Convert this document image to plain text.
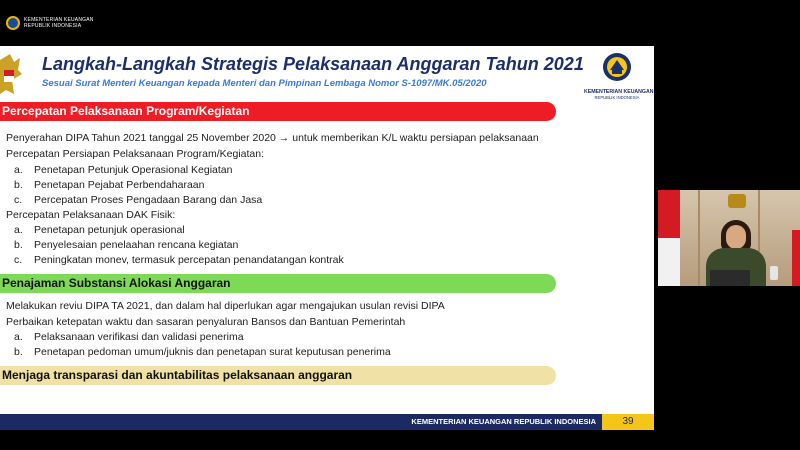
KEMENTERIAN KEUANGAN
REPUBLIK INDONESIA
Langkah-Langkah Strategis Pelaksanaan Anggaran Tahun 2021
Sesuai Surat Menteri Keuangan kepada Menteri dan Pimpinan Lembaga Nomor S-1097/MK.05/2020
KEMENTERIAN KEUANGAN
REPUBLIK INDONESIA
Percepatan Pelaksanaan Program/Kegiatan
Penyerahan DIPA Tahun 2021 tanggal 25 November 2020 → untuk memberikan K/L waktu persiapan pelaksanaan
Percepatan Persiapan Pelaksanaan Program/Kegiatan:
a. Penetapan Petunjuk Operasional Kegiatan
b. Penetapan Pejabat Perbendaharaan
c. Percepatan Proses Pengadaan Barang dan Jasa
Percepatan Pelaksanaan DAK Fisik:
a. Penetapan petunjuk operasional
b. Penyelesaian penelaahan rencana kegiatan
c. Peningkatan monev, termasuk percepatan penandatangan kontrak
Penajaman Substansi Alokasi Anggaran
Melakukan reviu DIPA TA 2021, dan dalam hal diperlukan agar mengajukan usulan revisi DIPA
Perbaikan ketepatan waktu dan sasaran penyaluran Bansos dan Bantuan Pemerintah
a. Pelaksanaan verifikasi dan validasi penerima
b. Penetapan pedoman umum/juknis dan penetapan surat keputusan penerima
Menjaga transparasi dan akuntabilitas pelaksanaan anggaran
KEMENTERIAN KEUANGAN REPUBLIK INDONESIA	39
